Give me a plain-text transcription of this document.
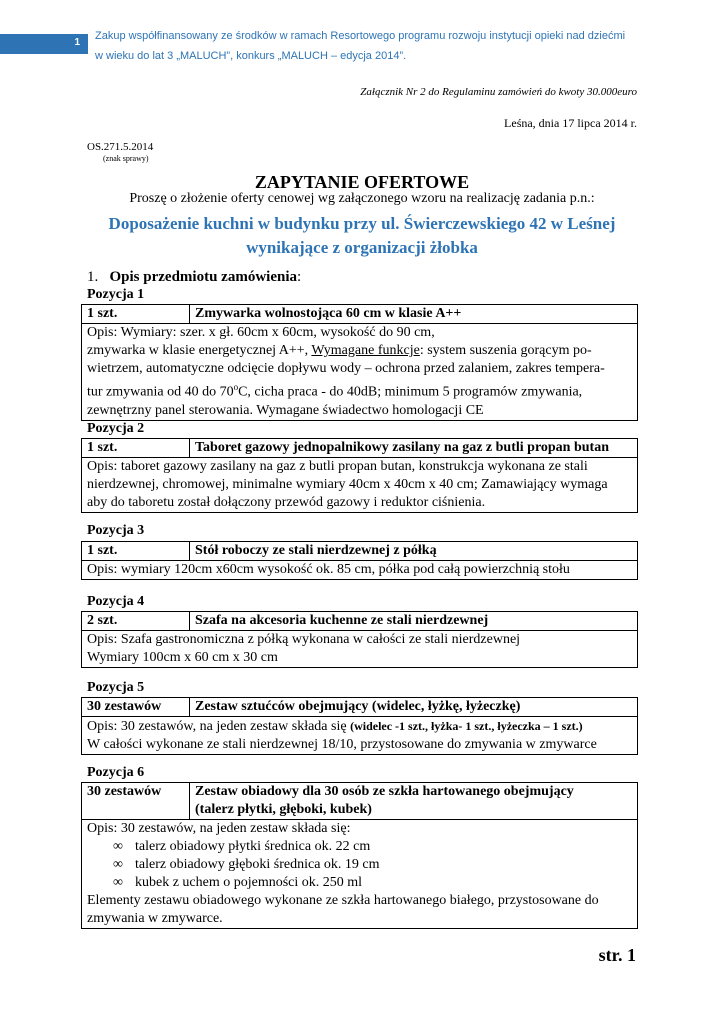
1
Zakup współfinansowany ze środków w ramach Resortowego programu rozwoju instytucji opieki nad dziećmi
w wieku do lat 3 „MALUCH”, konkurs „MALUCH – edycja 2014”.
Załącznik Nr 2 do Regulaminu zamówień do kwoty 30.000euro
Leśna, dnia 17 lipca 2014 r.
OS.271.5.2014
(znak sprawy)
ZAPYTANIE OFERTOWE
Proszę o złożenie oferty cenowej wg załączonego wzoru na realizację zadania p.n.:
Doposażenie kuchni w budynku przy ul. Świerczewskiego 42 w Leśnej
wynikające z organizacji żłobka
1. Opis przedmiotu zamówienia:
Pozycja 1
1 szt.	Zmywarka wolnostojąca 60 cm w klasie A++

Opis: Wymiary: szer. x gł. 60cm x 60cm, wysokość do 90 cm,
zmywarka w klasie energetycznej A++, Wymagane funkcje: system suszenia gorącym po-
wietrzem, automatyczne odcięcie dopływu wody – ochrona przed zalaniem, zakres tempera-
tur zmywania od 40 do 70$^o$C, cicha praca - do 40dB; minimum 5 programów zmywania,
zewnętrzny panel sterowania. Wymagane świadectwo homologacji CE
Pozycja 2
1 szt.	Taboret gazowy jednopalnikowy zasilany na gaz z butli propan butan

Opis: taboret gazowy zasilany na gaz z butli propan butan, konstrukcja wykonana ze stali
nierdzewnej, chromowej, minimalne wymiary 40cm x 40cm x 40 cm; Zamawiający wymaga
aby do taboretu został dołączony przewód gazowy i reduktor ciśnienia.
Pozycja 3
1 szt.	Stół roboczy ze stali nierdzewnej z półką

Opis: wymiary 120cm x60cm wysokość ok. 85 cm, półka pod całą powierzchnią stołu
Pozycja 4
2 szt.	Szafa na akcesoria kuchenne ze stali nierdzewnej

Opis: Szafa gastronomiczna z półką wykonana w całości ze stali nierdzewnej
Wymiary 100cm x 60 cm x 30 cm
Pozycja 5
30 zestawów	Zestaw sztućców obejmujący (widelec, łyżkę, łyżeczkę)

Opis: 30 zestawów, na jeden zestaw składa się (widelec -1 szt., łyżka- 1 szt., łyżeczka – 1 szt.)
W całości wykonane ze stali nierdzewnej 18/10, przystosowane do zmywania w zmywarce
Pozycja 6
30 zestawów	Zestaw obiadowy dla 30 osób ze szkła hartowanego obejmujący
(talerz płytki, głęboki, kubek)

Opis: 30 zestawów, na jeden zestaw składa się:
∞ talerz obiadowy płytki średnica ok. 22 cm
∞ talerz obiadowy głęboki średnica ok. 19 cm
∞ kubek z uchem o pojemności ok. 250 ml
Elementy zestawu obiadowego wykonane ze szkła hartowanego białego, przystosowane do
zmywania w zmywarce.
str. 1
